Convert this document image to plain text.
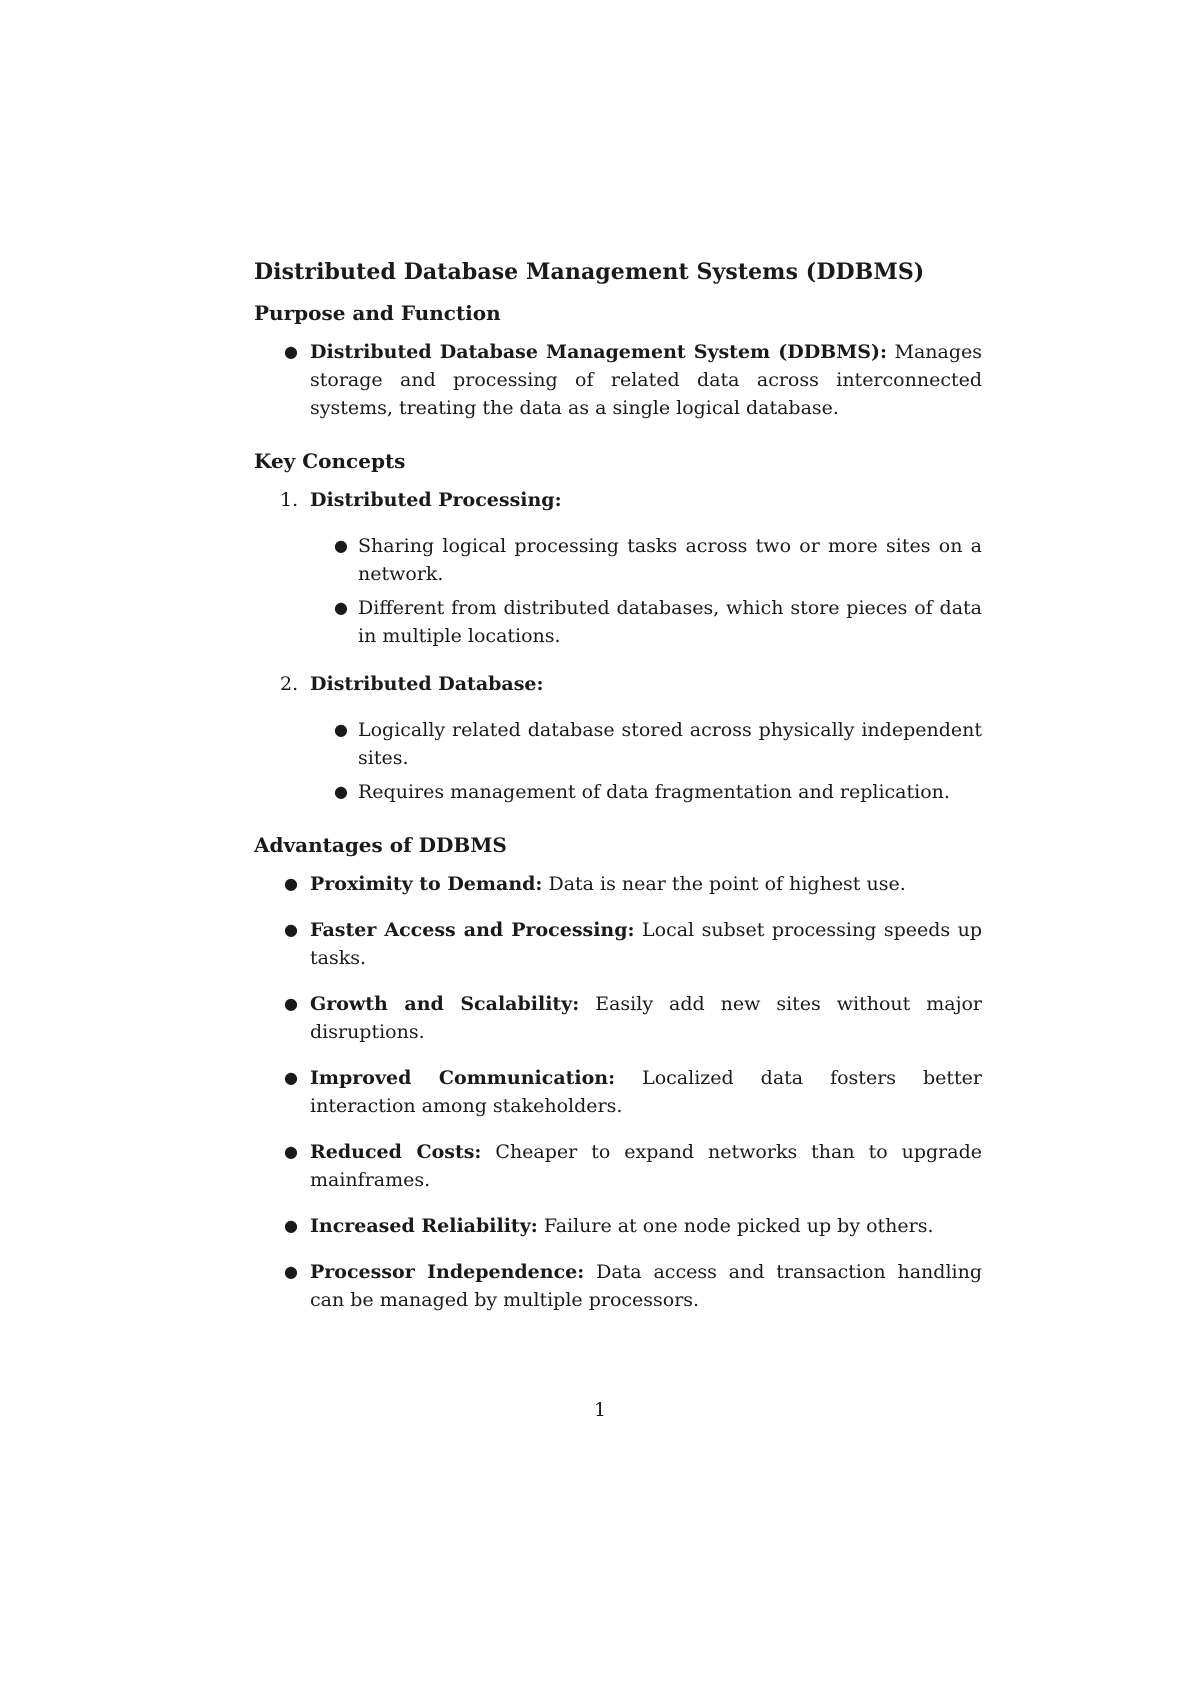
Distributed Database Management Systems (DDBMS)
Purpose and Function
● Distributed Database Management System (DDBMS): Manages storage and processing of related data across interconnected systems, treating the data as a single logical database.
Key Concepts
1. Distributed Processing:
● Sharing logical processing tasks across two or more sites on a network.
● Different from distributed databases, which store pieces of data in multiple locations.
2. Distributed Database:
● Logically related database stored across physically independent sites.
● Requires management of data fragmentation and replication.
Advantages of DDBMS
● Proximity to Demand: Data is near the point of highest use.
● Faster Access and Processing: Local subset processing speeds up tasks.
● Growth and Scalability: Easily add new sites without major disruptions.
● Improved Communication: Localized data fosters better interaction among stakeholders.
● Reduced Costs: Cheaper to expand networks than to upgrade mainframes.
● Increased Reliability: Failure at one node picked up by others.
● Processor Independence: Data access and transaction handling can be managed by multiple processors.
1
